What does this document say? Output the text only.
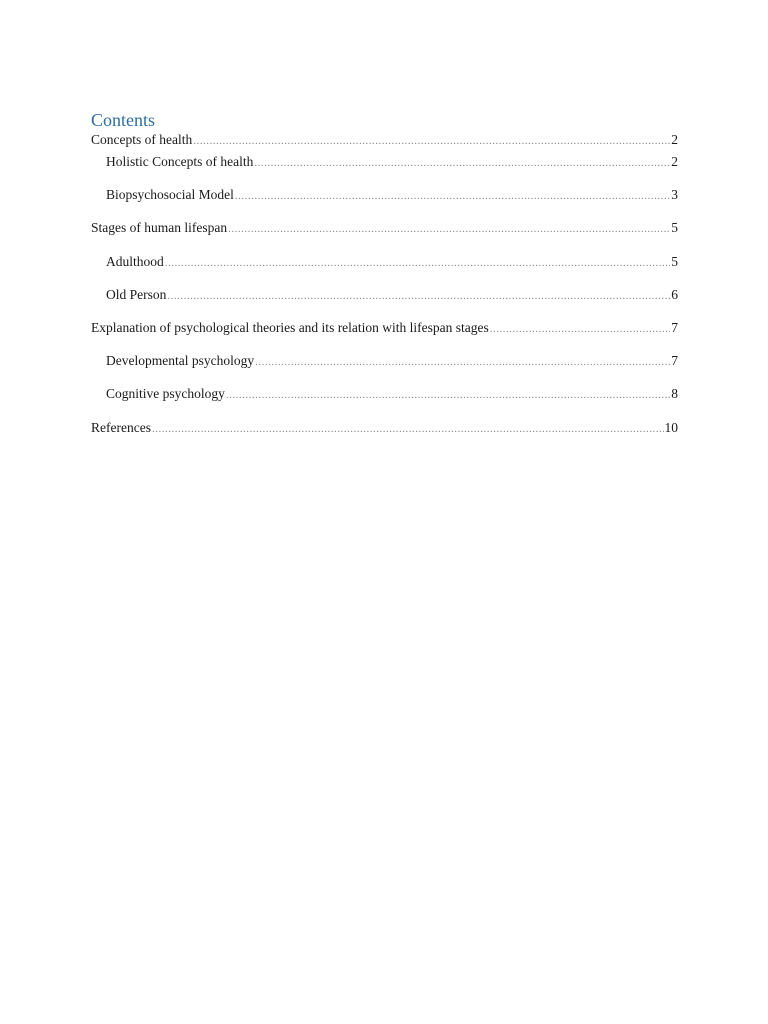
Contents
Concepts of health .....	2
Holistic Concepts of health .....	2
Biopsychosocial Model .....	3
Stages of human lifespan .....	5
Adulthood .....	5
Old Person .....	6
Explanation of psychological theories and its relation with lifespan stages .....	7
Developmental psychology .....	7
Cognitive psychology .....	8
References .....	10
